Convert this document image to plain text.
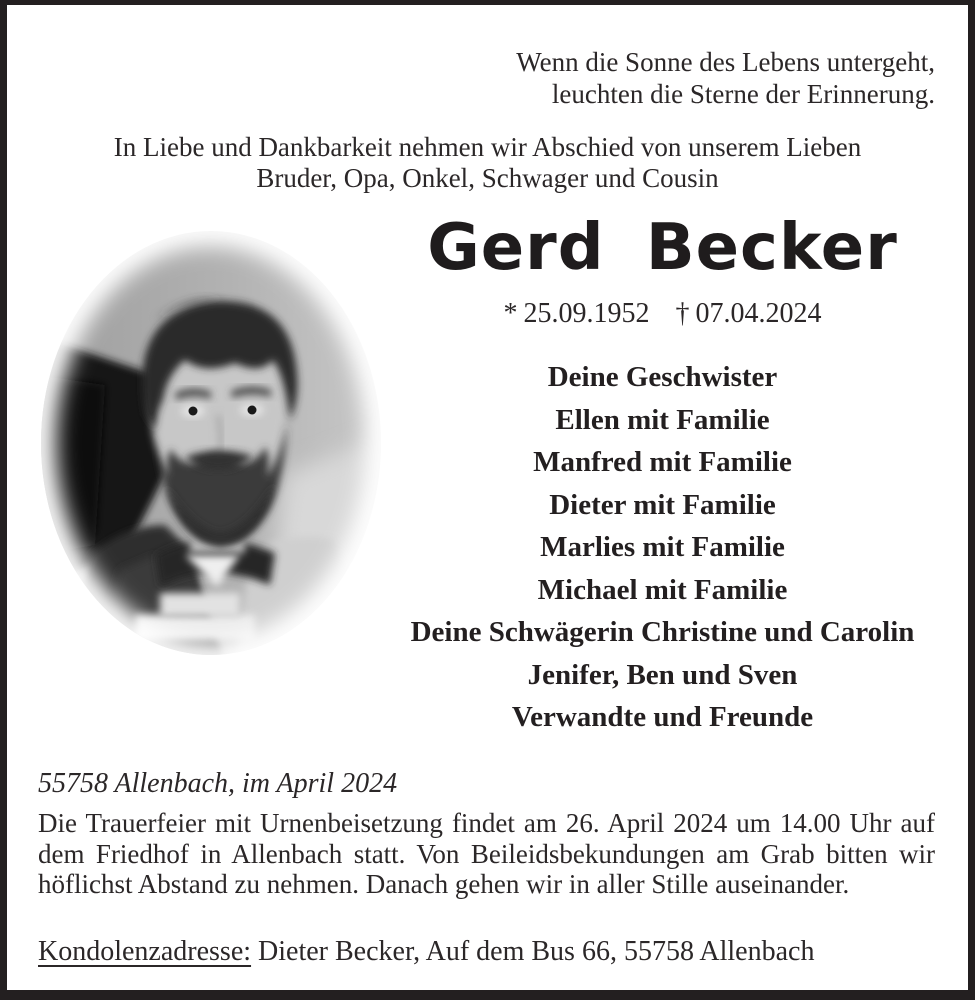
Wenn die Sonne des Lebens untergeht,
leuchten die Sterne der Erinnerung.
In Liebe und Dankbarkeit nehmen wir Abschied von unserem Lieben
Bruder, Opa, Onkel, Schwager und Cousin
Gerd Becker
* 25.09.1952 † 07.04.2024
Deine Geschwister
Ellen mit Familie
Manfred mit Familie
Dieter mit Familie
Marlies mit Familie
Michael mit Familie
Deine Schwägerin Christine und Carolin
Jenifer, Ben und Sven
Verwandte und Freunde
55758 Allenbach, im April 2024
Die Trauerfeier mit Urnenbeisetzung findet am 26. April 2024 um 14.00 Uhr auf dem Friedhof in Allenbach statt. Von Beileidsbekundungen am Grab bitten wir höflichst Abstand zu nehmen. Danach gehen wir in aller Stille auseinander.
Kondolenzadresse: Dieter Becker, Auf dem Bus 66, 55758 Allenbach
